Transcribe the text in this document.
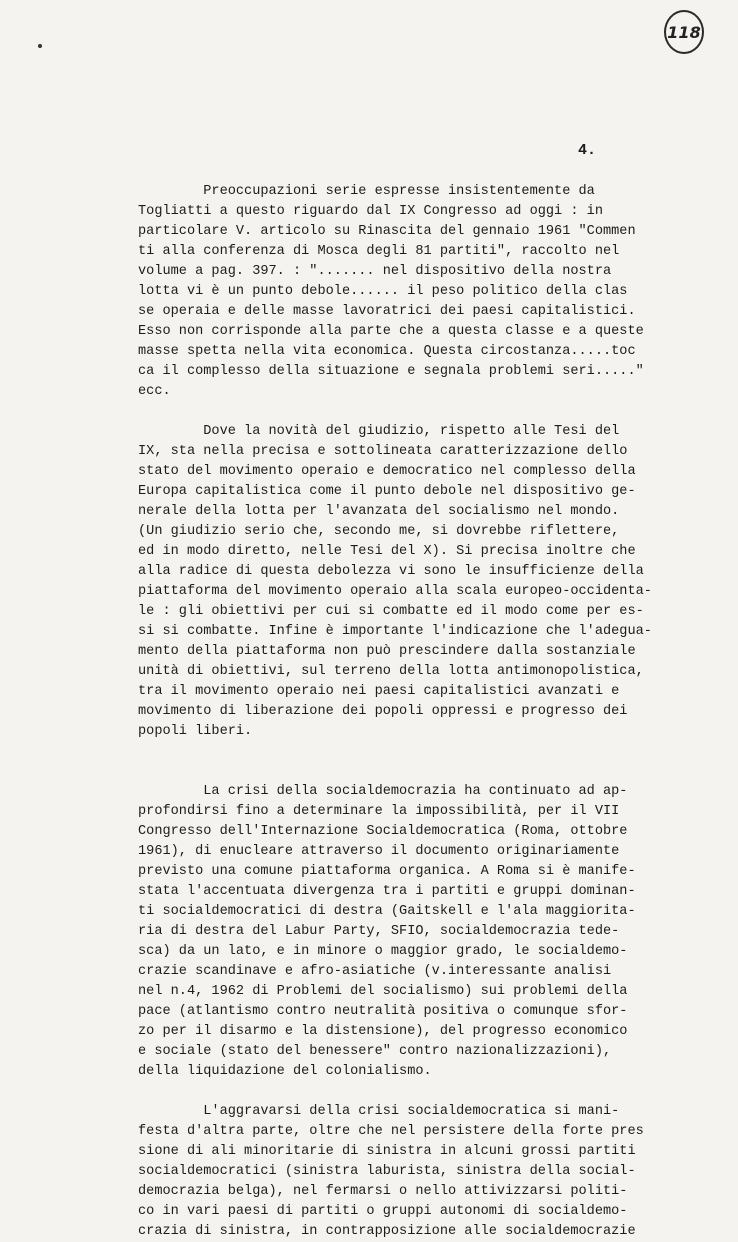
118
4.
Preoccupazioni serie espresse insistentemente da
Togliatti a questo riguardo dal IX Congresso ad oggi : in
particolare V. articolo su Rinascita del gennaio 1961 "Commen
ti alla conferenza di Mosca degli 81 partiti", raccolto nel
volume a pag. 397. : "....... nel dispositivo della nostra
lotta vi è un punto debole...... il peso politico della clas
se operaia e delle masse lavoratrici dei paesi capitalistici.
Esso non corrisponde alla parte che a questa classe e a queste
masse spetta nella vita economica. Questa circostanza.....toc
ca il complesso della situazione e segnala problemi seri....."
ecc.
Dove la novità del giudizio, rispetto alle Tesi del
IX, sta nella precisa e sottolineata caratterizzazione dello
stato del movimento operaio e democratico nel complesso della
Europa capitalistica come il punto debole nel dispositivo ge-
nerale della lotta per l'avanzata del socialismo nel mondo.
(Un giudizio serio che, secondo me, si dovrebbe riflettere,
ed in modo diretto, nelle Tesi del X). Si precisa inoltre che
alla radice di questa debolezza vi sono le insufficienze della
piattaforma del movimento operaio alla scala europeo-occidenta-
le : gli obiettivi per cui si combatte ed il modo come per es-
si si combatte. Infine è importante l'indicazione che l'adegua-
mento della piattaforma non può prescindere dalla sostanziale
unità di obiettivi, sul terreno della lotta antimonopolistica,
tra il movimento operaio nei paesi capitalistici avanzati e
movimento di liberazione dei popoli oppressi e progresso dei
popoli liberi.
La crisi della socialdemocrazia ha continuato ad ap-
profondirsi fino a determinare la impossibilità, per il VII
Congresso dell'Internazione Socialdemocratica (Roma, ottobre
1961), di enucleare attraverso il documento originariamente
previsto una comune piattaforma organica. A Roma si è manife-
stata l'accentuata divergenza tra i partiti e gruppi dominan-
ti socialdemocratici di destra (Gaitskell e l'ala maggiorita-
ria di destra del Labur Party, SFIO, socialdemocrazia tede-
sca) da un lato, e in minore o maggior grado, le socialdemo-
crazie scandinave e afro-asiatiche (v.interessante analisi
nel n.4, 1962 di Problemi del socialismo) sui problemi della
pace (atlantismo contro neutralità positiva o comunque sfor-
zo per il disarmo e la distensione), del progresso economico
e sociale (stato del benessere" contro nazionalizzazioni),
della liquidazione del colonialismo.
L'aggravarsi della crisi socialdemocratica si mani-
festa d'altra parte, oltre che nel persistere della forte pres
sione di ali minoritarie di sinistra in alcuni grossi partiti
socialdemocratici (sinistra laburista, sinistra della social-
democrazia belga), nel fermarsi o nello attivizzarsi politi-
co in vari paesi di partiti o gruppi autonomi di socialdemo-
crazia di sinistra, in contrapposizione alle socialdemocrazie
